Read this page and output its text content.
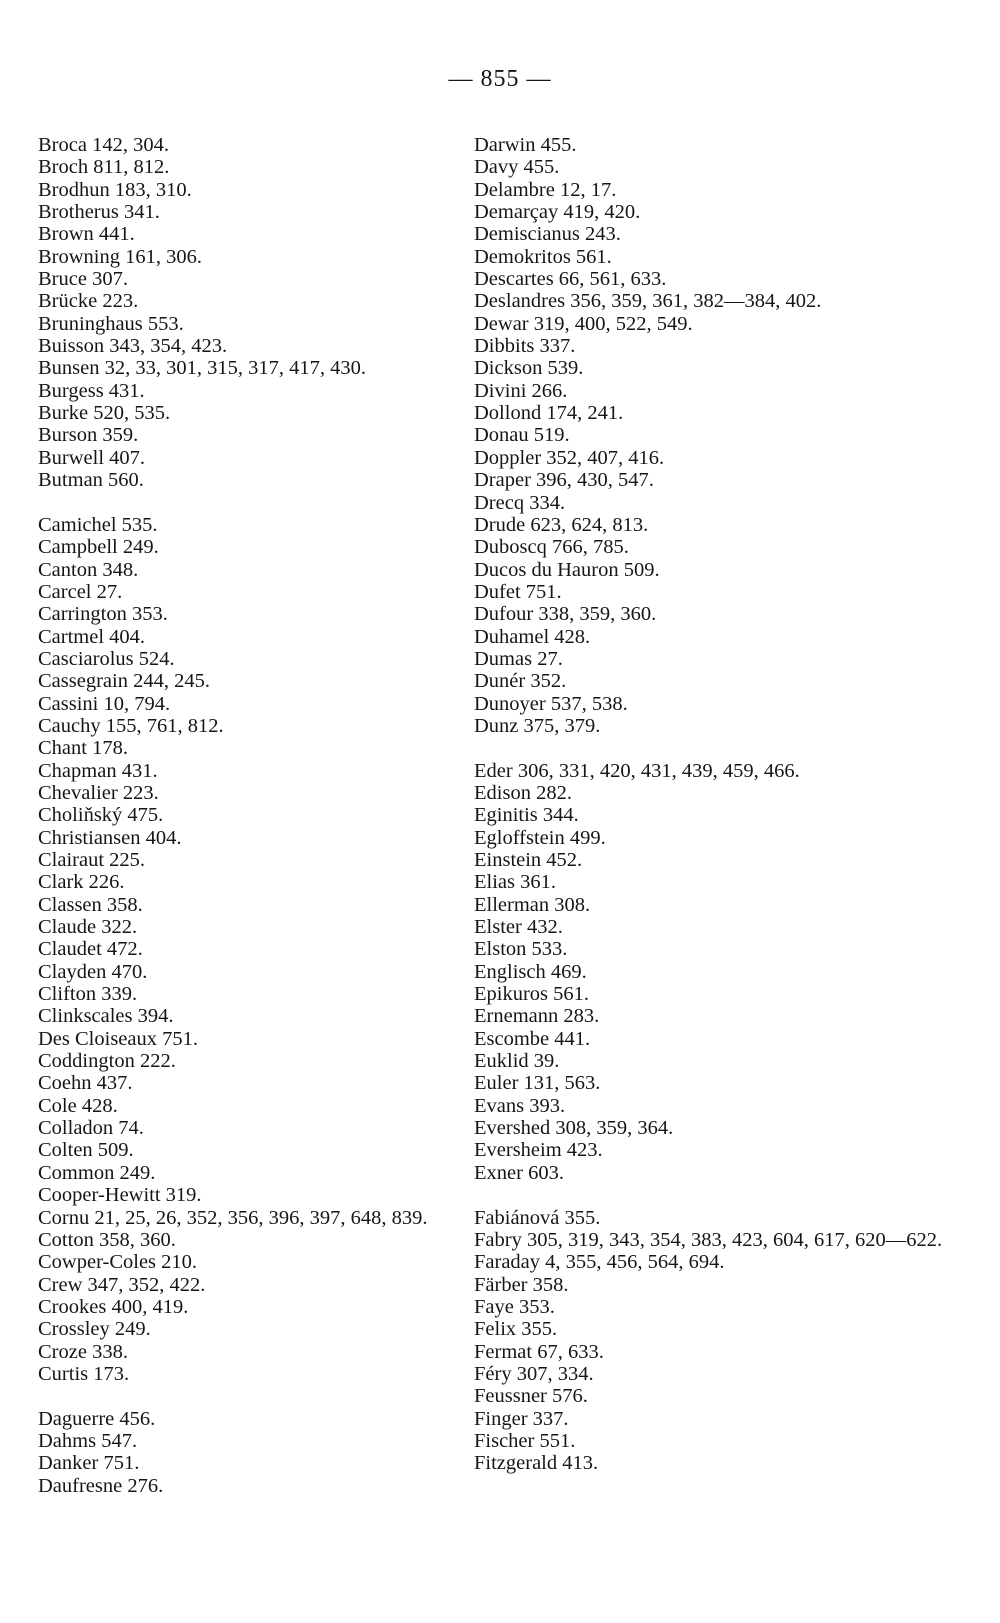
— 855 —
Broca 142, 304.
Broch 811, 812.
Brodhun 183, 310.
Brotherus 341.
Brown 441.
Browning 161, 306.
Bruce 307.
Brücke 223.
Bruninghaus 553.
Buisson 343, 354, 423.
Bunsen 32, 33, 301, 315, 317, 417, 430.
Burgess 431.
Burke 520, 535.
Burson 359.
Burwell 407.
Butman 560.
Camichel 535.
Campbell 249.
Canton 348.
Carcel 27.
Carrington 353.
Cartmel 404.
Casciarolus 524.
Cassegrain 244, 245.
Cassini 10, 794.
Cauchy 155, 761, 812.
Chant 178.
Chapman 431.
Chevalier 223.
Choliňský 475.
Christiansen 404.
Clairaut 225.
Clark 226.
Classen 358.
Claude 322.
Claudet 472.
Clayden 470.
Clifton 339.
Clinkscales 394.
Des Cloiseaux 751.
Coddington 222.
Coehn 437.
Cole 428.
Colladon 74.
Colten 509.
Common 249.
Cooper-Hewitt 319.
Cornu 21, 25, 26, 352, 356, 396, 397, 648, 839.
Cotton 358, 360.
Cowper-Coles 210.
Crew 347, 352, 422.
Crookes 400, 419.
Crossley 249.
Croze 338.
Curtis 173.
Daguerre 456.
Dahms 547.
Danker 751.
Daufresne 276.
Darwin 455.
Davy 455.
Delambre 12, 17.
Demarçay 419, 420.
Demiscianus 243.
Demokritos 561.
Descartes 66, 561, 633.
Deslandres 356, 359, 361, 382—384, 402.
Dewar 319, 400, 522, 549.
Dibbits 337.
Dickson 539.
Divini 266.
Dollond 174, 241.
Donau 519.
Doppler 352, 407, 416.
Draper 396, 430, 547.
Drecq 334.
Drude 623, 624, 813.
Duboscq 766, 785.
Ducos du Hauron 509.
Dufet 751.
Dufour 338, 359, 360.
Duhamel 428.
Dumas 27.
Dunér 352.
Dunoyer 537, 538.
Dunz 375, 379.
Eder 306, 331, 420, 431, 439, 459, 466.
Edison 282.
Eginitis 344.
Egloffstein 499.
Einstein 452.
Elias 361.
Ellerman 308.
Elster 432.
Elston 533.
Englisch 469.
Epikuros 561.
Ernemann 283.
Escombe 441.
Euklid 39.
Euler 131, 563.
Evans 393.
Evershed 308, 359, 364.
Eversheim 423.
Exner 603.
Fabiánová 355.
Fabry 305, 319, 343, 354, 383, 423, 604, 617, 620—622.
Faraday 4, 355, 456, 564, 694.
Färber 358.
Faye 353.
Felix 355.
Fermat 67, 633.
Féry 307, 334.
Feussner 576.
Finger 337.
Fischer 551.
Fitzgerald 413.
